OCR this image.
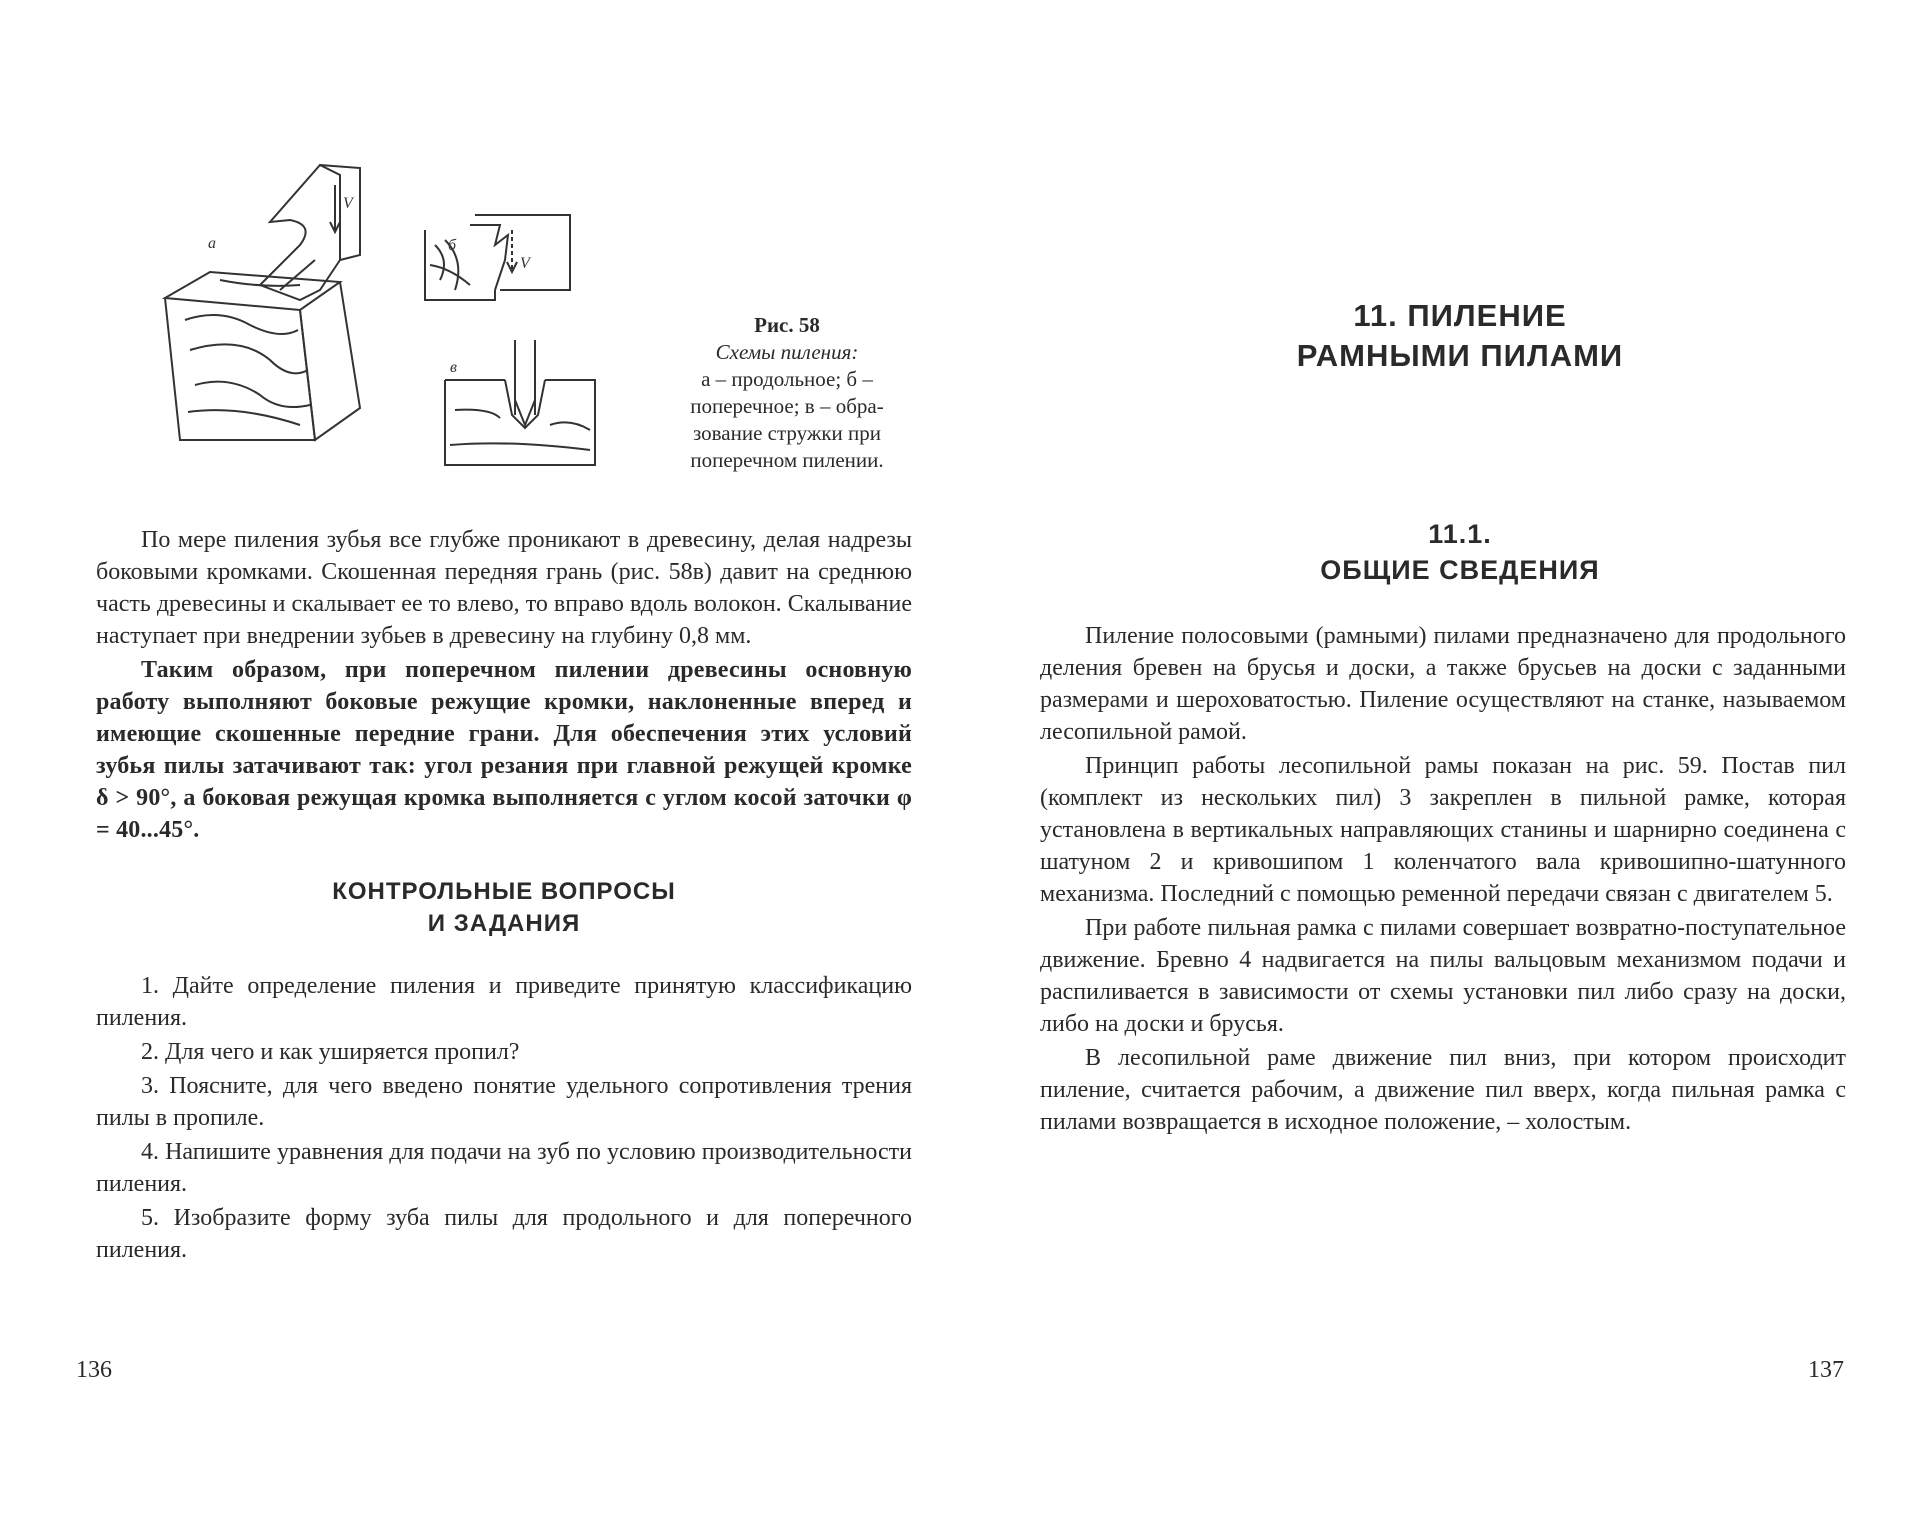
а	б
в
V
V
Рис. 58
Схемы пиления:
а – продольное; б –
поперечное; в – обра-
зование стружки при
поперечном пилении.

По мере пиления зубья все глубже проникают в древесину, делая надрезы боковыми кромками. Скошенная передняя грань (рис. 58в) давит на среднюю часть древесины и скалывает ее то влево, то вправо вдоль волокон. Скалывание наступает при внедрении зубьев в древесину на глубину 0,8 мм.

Таким образом, при поперечном пилении древесины основную работу выполняют боковые режущие кромки, наклоненные вперед и имеющие скошенные передние грани. Для обеспечения этих условий зубья пилы затачивают так: угол резания при главной режущей кромке δ > 90°, а боковая режущая кромка выполняется с углом косой заточки φ = 40...45°.

КОНТРОЛЬНЫЕ ВОПРОСЫ
И ЗАДАНИЯ

1. Дайте определение пиления и приведите принятую классификацию пиления.

2. Для чего и как уширяется пропил?

3. Поясните, для чего введено понятие удельного сопротивления трения пилы в пропиле.

4. Напишите уравнения для подачи на зуб по условию производительности пиления.

5. Изобразите форму зуба пилы для продольного и для поперечного пиления.

136
11. ПИЛЕНИЕ
РАМНЫМИ ПИЛАМИ
11.1.
ОБЩИЕ СВЕДЕНИЯ

Пиление полосовыми (рамными) пилами предназначено для продольного деления бревен на брусья и доски, а также брусьев на доски с заданными размерами и шероховатостью. Пиление осуществляют на станке, называемом лесопильной рамой.

Принцип работы лесопильной рамы показан на рис. 59. Постав пил (комплект из нескольких пил) 3 закреплен в пильной рамке, которая установлена в вертикальных направляющих станины и шарнирно соединена с шатуном 2 и кривошипом 1 коленчатого вала кривошипно-шатунного механизма. Последний с помощью ременной передачи связан с двигателем 5.

При работе пильная рамка с пилами совершает возвратно-поступательное движение. Бревно 4 надвигается на пилы вальцовым механизмом подачи и распиливается в зависимости от схемы установки пил либо сразу на доски, либо на доски и брусья.

В лесопильной раме движение пил вниз, при котором происходит пиление, считается рабочим, а движение пил вверх, когда пильная рамка с пилами возвращается в исходное положение, – холостым.

137
